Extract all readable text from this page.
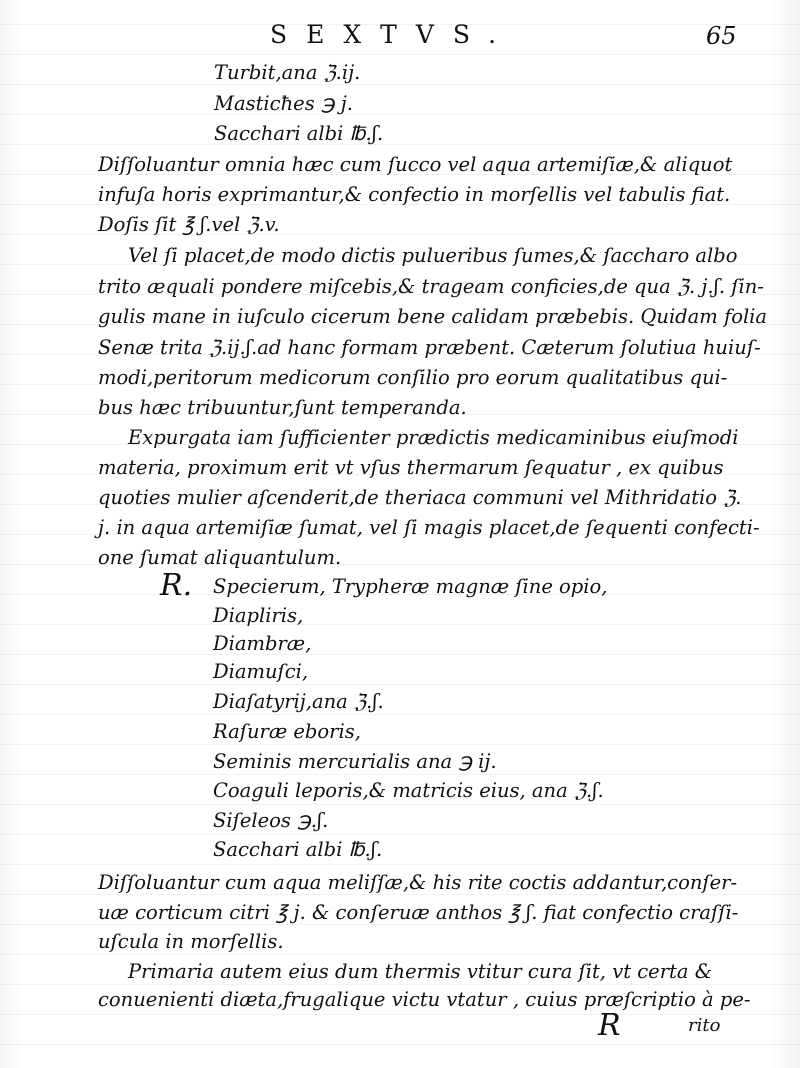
SEXTVS.	65
Turbit,ana ℨ.ij.
Masticħes ℈ j.
Sacchari albi ℔.ʃ.
Diſſoluantur omnia hæc cum ſucco vel aqua artemiſiæ,& aliquot
infuſa horis exprimantur,& confectio in morſellis vel tabulis fiat.
Doſis ſit ℥ ʃ.vel ℨ.v.
Vel ſi placet,de modo dictis pulueribus ſumes,& ſaccharo albo
trito æquali pondere miſcebis,& trageam conficies,de qua ℨ. j.ʃ. ſin-
gulis mane in iuſculo cicerum bene calidam præbebis. Quidam folia
Senæ trita ℨ.ij.ʃ.ad hanc formam præbent. Cæterum ſolutiua huiuſ-
modi,peritorum medicorum conſilio pro eorum qualitatibus qui-
bus hæc tribuuntur,ſunt temperanda.
Expurgata iam ſufficienter prædictis medicaminibus eiuſmodi
materia, proximum erit vt vſus thermarum ſequatur , ex quibus
quoties mulier aſcenderit,de theriaca communi vel Mithridatio ℨ.
j. in aqua artemiſiæ ſumat, vel ſi magis placet,de ſequenti confecti-
one ſumat aliquantulum.
R. Specierum, Trypheræ magnæ ſine opio,
Diapliris,
Diambræ,
Diamuſci,
Diaſatyrij,ana ℨ.ʃ.
Raſuræ eboris,
Seminis mercurialis ana ℈ ij.
Coaguli leporis,& matricis eius, ana ℨ.ʃ.
Siſeleos ℈.ʃ.
Sacchari albi ℔.ʃ.
Diſſoluantur cum aqua meliſſæ,& his rite coctis addantur,conſer-
uæ corticum citri ℥ j. & conſeruæ anthos ℥ ʃ. fiat confectio craſſi-
uſcula in morſellis.
Primaria autem eius dum thermis vtitur cura ſit, vt certa &
conuenienti diæta,frugalique victu vtatur , cuius præſcriptio à pe-
R	rito
